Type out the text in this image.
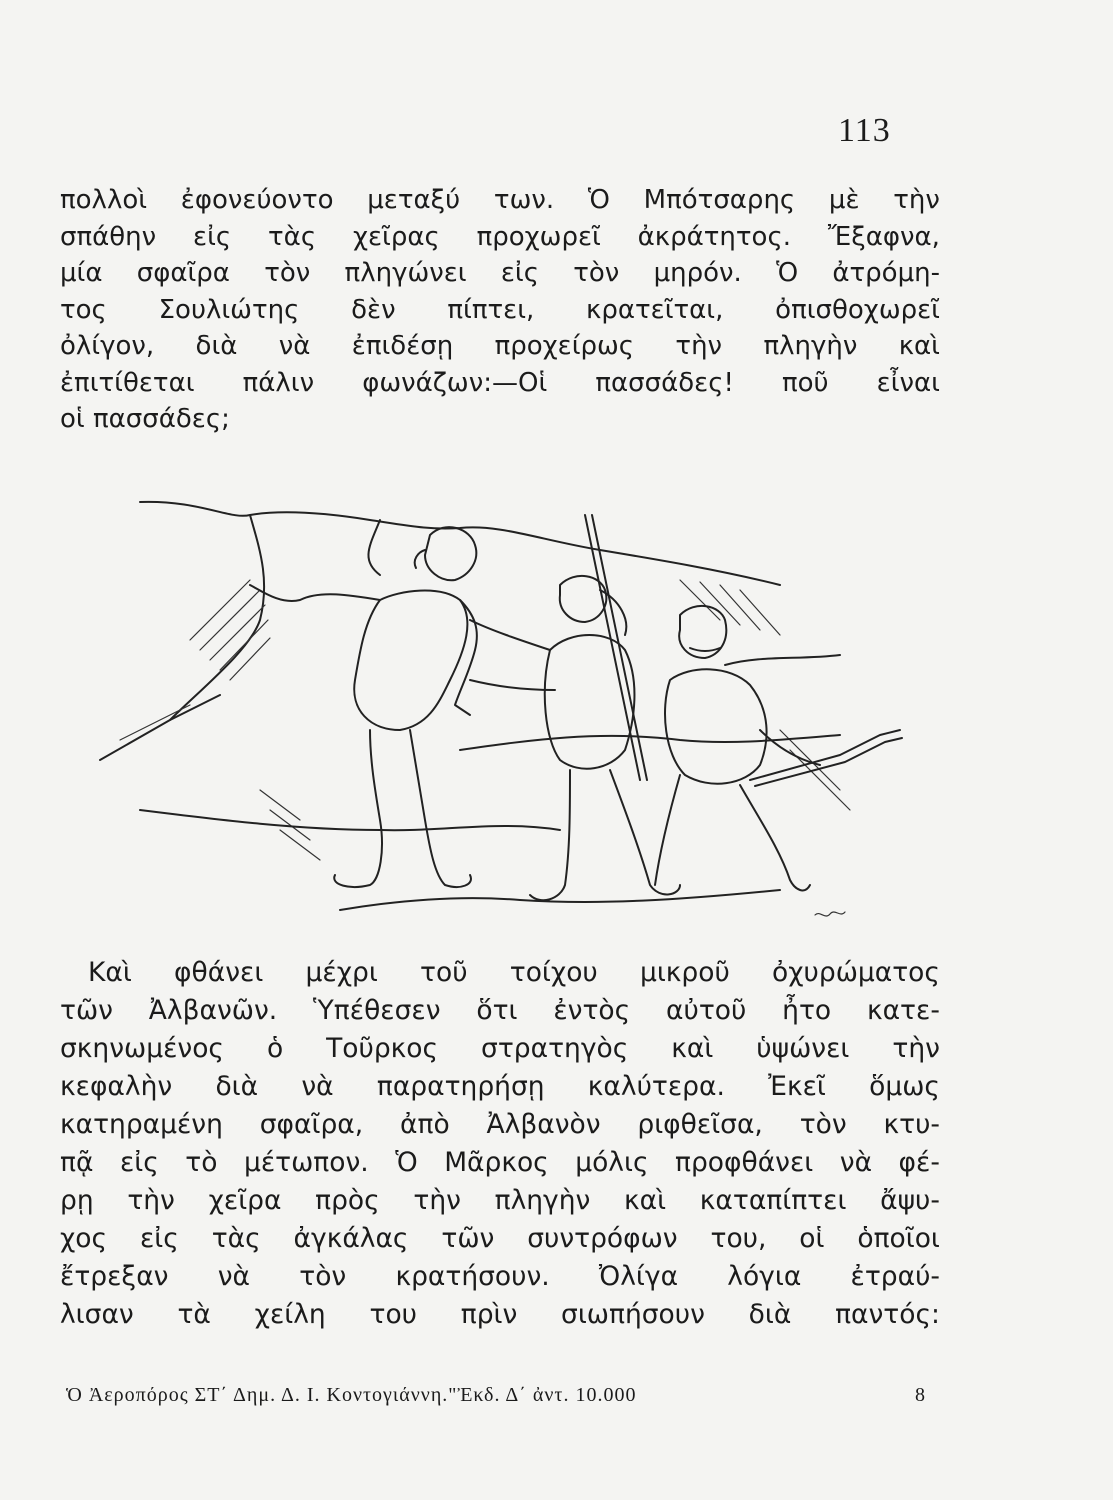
113
πολλοὶ ἐφονεύοντο μεταξύ των. Ὁ Μπότσαρης μὲ τὴν
σπάθην εἰς τὰς χεῖρας προχωρεῖ ἀκράτητος. Ἔξαφνα,
μία σφαῖρα τὸν πληγώνει εἰς τὸν μηρόν. Ὁ ἀτρόμη-
τος Σουλιώτης δὲν πίπτει, κρατεῖται, ὀπισθοχωρεῖ
ὀλίγον, διὰ νὰ ἐπιδέσῃ προχείρως τὴν πληγὴν καὶ
ἐπιτίθεται πάλιν φωνάζων:—Οἱ πασσάδες! ποῦ εἶναι
οἱ πασσάδες;
Καὶ φθάνει μέχρι τοῦ τοίχου μικροῦ ὀχυρώματος
τῶν Ἀλβανῶν. Ὑπέθεσεν ὅτι ἐντὸς αὐτοῦ ἦτο κατε-
σκηνωμένος ὁ Τοῦρκος στρατηγὸς καὶ ὑψώνει τὴν
κεφαλὴν διὰ νὰ παρατηρήσῃ καλύτερα. Ἐκεῖ ὅμως
κατηραμένη σφαῖρα, ἀπὸ Ἀλβανὸν ριφθεῖσα, τὸν κτυ-
πᾷ εἰς τὸ μέτωπον. Ὁ Μᾶρκος μόλις προφθάνει νὰ φέ-
ρῃ τὴν χεῖρα πρὸς τὴν πληγὴν καὶ καταπίπτει ἄψυ-
χος εἰς τὰς ἀγκάλας τῶν συντρόφων του, οἱ ὁποῖοι
ἔτρεξαν νὰ τὸν κρατήσουν. Ὀλίγα λόγια ἐτραύ-
λισαν τὰ χείλη του πρὶν σιωπήσουν διὰ παντός:
Ὁ Ἀεροπόρος ΣΤ΄ Δημ. Δ. Ι. Κοντογιάννη."Ἐκδ. Δ΄ ἀντ. 10.000	8
